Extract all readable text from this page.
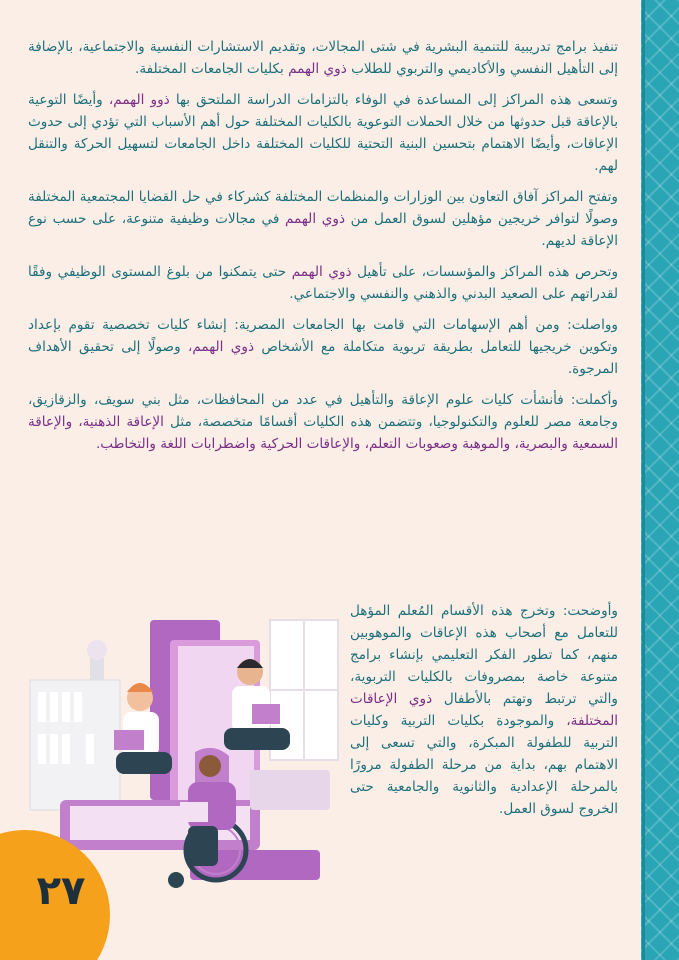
تنفيذ برامج تدريبية للتنمية البشرية في شتى المجالات، وتقديم الاستشارات النفسية والاجتماعية، بالإضافة إلى التأهيل النفسي والأكاديمي والتربوي للطلاب ذوي الهمم بكليات الجامعات المختلفة.

وتسعى هذه المراكز إلى المساعدة في الوفاء بالتزامات الدراسة الملتحق بها ذوو الهمم، وأيضًا التوعية بالإعاقة قبل حدوثها من خلال الحملات التوعوية بالكليات المختلفة حول أهم الأسباب التي تؤدي إلى حدوث الإعاقات، وأيضًا الاهتمام بتحسين البنية التحتية للكليات المختلفة داخل الجامعات لتسهيل الحركة والتنقل لهم.

وتفتح المراكز آفاق التعاون بين الوزارات والمنظمات المختلفة كشركاء في حل القضايا المجتمعية المختلفة وصولًا لتوافر خريجين مؤهلين لسوق العمل من ذوي الهمم في مجالات وظيفية متنوعة، على حسب نوع الإعاقة لديهم.

وتحرص هذه المراكز والمؤسسات، على تأهيل ذوي الهمم حتى يتمكنوا من بلوغ المستوى الوظيفي وفقًا لقدراتهم على الصعيد البدني والذهني والنفسي والاجتماعي.

وواصلت: ومن أهم الإسهامات التي قامت بها الجامعات المصرية: إنشاء كليات تخصصية تقوم بإعداد وتكوين خريجيها للتعامل بطريقة تربوية متكاملة مع الأشخاص ذوي الهمم، وصولًا إلى تحقيق الأهداف المرجوة.

وأكملت: فأنشأت كليات علوم الإعاقة والتأهيل في عدد من المحافظات، مثل بني سويف، والزقازيق، وجامعة مصر للعلوم والتكنولوجيا، وتتضمن هذه الكليات أقسامًا متخصصة، مثل الإعاقة الذهنية، والإعاقة السمعية والبصرية، والموهبة وصعوبات التعلم، والإعاقات الحركية واضطرابات اللغة والتخاطب.

وأوضحت: وتخرج هذه الأقسام المُعلم المؤهل للتعامل مع أصحاب هذه الإعاقات والموهوبين منهم، كما تطور الفكر التعليمي بإنشاء برامج متنوعة خاصة بمصروفات بالكليات التربوية، والتي ترتبط وتهتم بالأطفال ذوي الإعاقات المختلفة، والموجودة بكليات التربية وكليات التربية للطفولة المبكرة، والتي تسعى إلى الاهتمام بهم، بداية من مرحلة الطفولة مرورًا بالمرحلة الإعدادية والثانوية والجامعية حتى الخروج لسوق العمل.
٢٧
